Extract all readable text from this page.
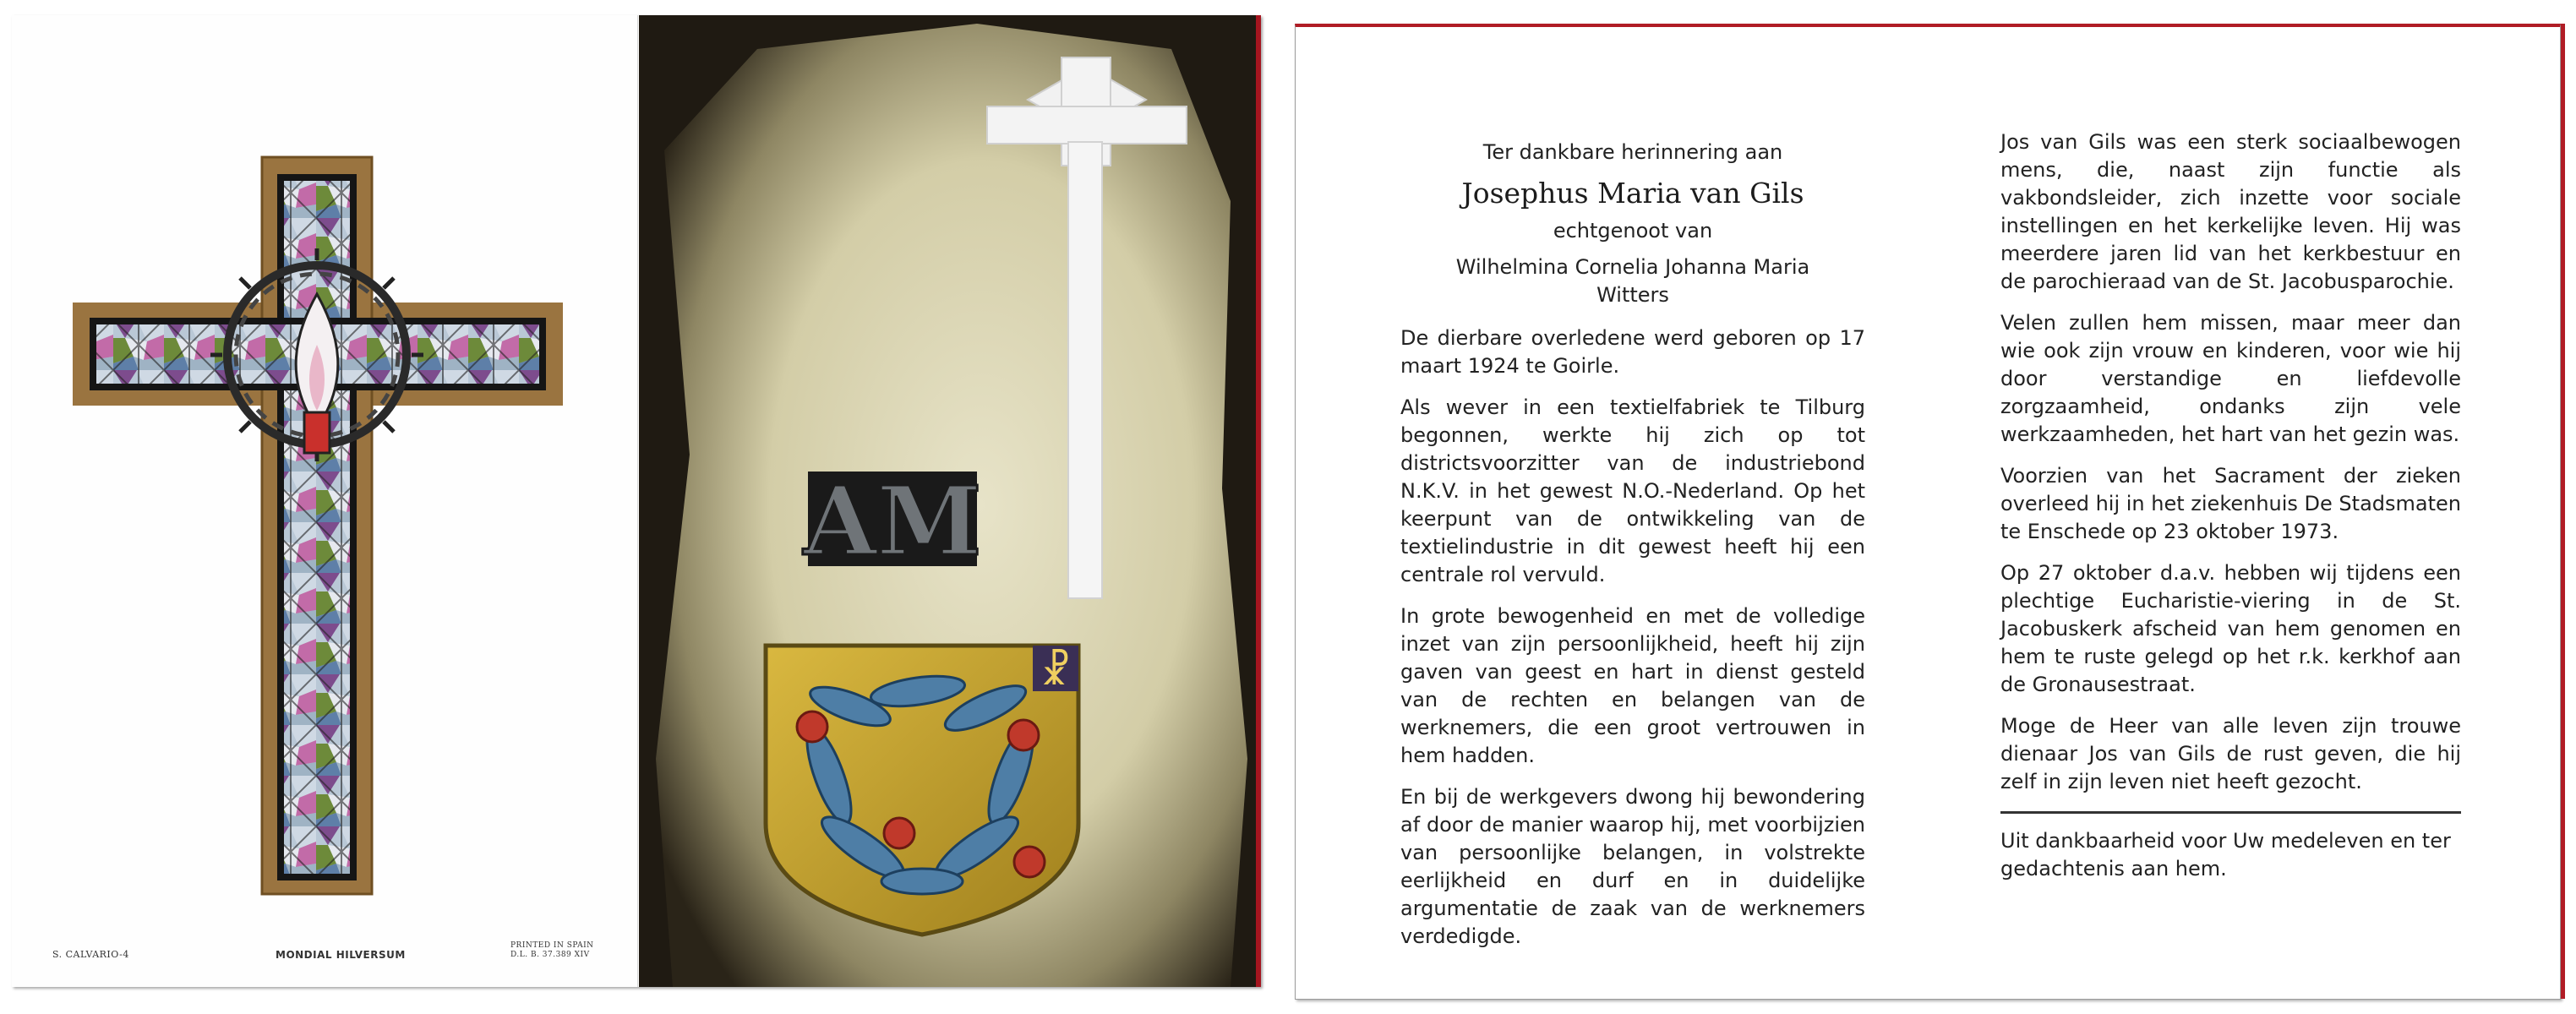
S. CALVARIO-4	MONDIAL HILVERSUM
PRINTED IN SPAIN
D.L. B. 37.389 XIV
AM
☧
Ter dankbare herinnering aan
Josephus Maria van Gils
echtgenoot van
Wilhelmina Cornelia Johanna Maria
Witters

De dierbare overledene werd geboren op 17 maart 1924 te Goirle.

Als wever in een textielfabriek te Tilburg begonnen, werkte hij zich op tot districtsvoorzitter van de industriebond N.K.V. in het gewest N.O.-Nederland. Op het keerpunt van de ontwikkeling van de textielindustrie in dit gewest heeft hij een centrale rol vervuld.

In grote bewogenheid en met de volledige inzet van zijn persoonlijkheid, heeft hij zijn gaven van geest en hart in dienst gesteld van de rechten en belangen van de werknemers, die een groot vertrouwen in hem hadden.

En bij de werkgevers dwong hij bewondering af door de manier waarop hij, met voorbijzien van persoonlijke belangen, in volstrekte eerlijkheid en durf en in duidelijke argumentatie de zaak van de werknemers verdedigde.

Jos van Gils was een sterk sociaalbewogen mens, die, naast zijn functie als vakbondsleider, zich inzette voor sociale instellingen en het kerkelijke leven. Hij was meerdere jaren lid van het kerkbestuur en de parochieraad van de St. Jacobusparochie.

Velen zullen hem missen, maar meer dan wie ook zijn vrouw en kinderen, voor wie hij door verstandige en liefdevolle zorgzaamheid, ondanks zijn vele werkzaamheden, het hart van het gezin was.

Voorzien van het Sacrament der zieken overleed hij in het ziekenhuis De Stadsmaten te Enschede op 23 oktober 1973.

Op 27 oktober d.a.v. hebben wij tijdens een plechtige Eucharistie-viering in de St. Jacobuskerk afscheid van hem genomen en hem te ruste gelegd op het r.k. kerkhof aan de Gronausestraat.

Moge de Heer van alle leven zijn trouwe dienaar Jos van Gils de rust geven, die hij zelf in zijn leven niet heeft gezocht.

Uit dankbaarheid voor Uw medeleven en ter gedachtenis aan hem.
